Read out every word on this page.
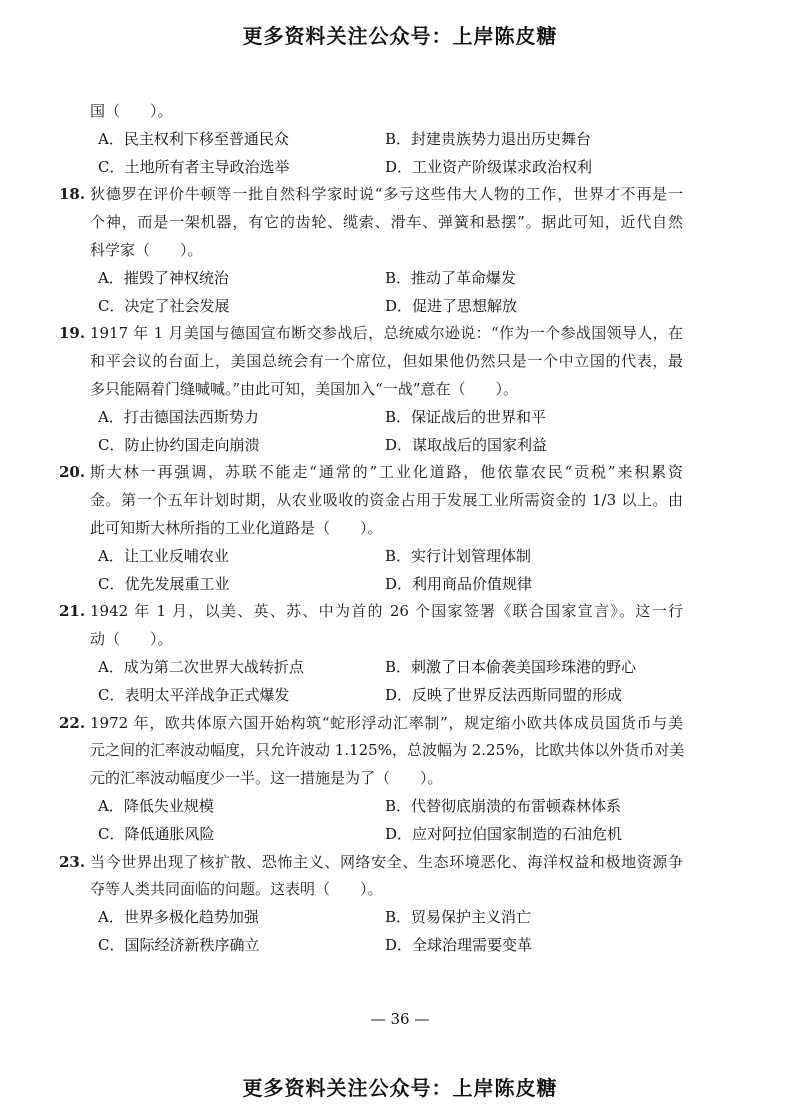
更多资料关注公众号：上岸陈皮糖
国（　　）。
A．民主权利下移至普通民众	B．封建贵族势力退出历史舞台
C．土地所有者主导政治选举	D．工业资产阶级谋求政治权利
18. 狄德罗在评价牛顿等一批自然科学家时说“多亏这些伟大人物的工作，世界才不再是一
个神，而是一架机器，有它的齿轮、缆索、滑车、弹簧和悬摆”。据此可知，近代自然
科学家（　　）。
A．摧毁了神权统治	B．推动了革命爆发
C．决定了社会发展	D．促进了思想解放
19. 1917 年 1 月美国与德国宣布断交参战后，总统威尔逊说：“作为一个参战国领导人，在
和平会议的台面上，美国总统会有一个席位，但如果他仍然只是一个中立国的代表，最
多只能隔着门缝喊喊。”由此可知，美国加入“一战”意在（　　）。
A．打击德国法西斯势力	B．保证战后的世界和平
C．防止协约国走向崩溃	D．谋取战后的国家利益
20. 斯大林一再强调，苏联不能走“通常的”工业化道路，他依靠农民“贡税”来积累资
金。第一个五年计划时期，从农业吸收的资金占用于发展工业所需资金的 1/3 以上。由
此可知斯大林所指的工业化道路是（　　）。
A．让工业反哺农业	B．实行计划管理体制
C．优先发展重工业	D．利用商品价值规律
21. 1942 年 1 月，以美、英、苏、中为首的 26 个国家签署《联合国家宣言》。这一行
动（　　）。
A．成为第二次世界大战转折点	B．刺激了日本偷袭美国珍珠港的野心
C．表明太平洋战争正式爆发	D．反映了世界反法西斯同盟的形成
22. 1972 年，欧共体原六国开始构筑“蛇形浮动汇率制”，规定缩小欧共体成员国货币与美
元之间的汇率波动幅度，只允许波动 1.125%，总波幅为 2.25%，比欧共体以外货币对美
元的汇率波动幅度少一半。这一措施是为了（　　）。
A．降低失业规模	B．代替彻底崩溃的布雷顿森林体系
C．降低通胀风险	D．应对阿拉伯国家制造的石油危机
23. 当今世界出现了核扩散、恐怖主义、网络安全、生态环境恶化、海洋权益和极地资源争
夺等人类共同面临的问题。这表明（　　）。
A．世界多极化趋势加强	B．贸易保护主义消亡
C．国际经济新秩序确立	D．全球治理需要变革
— 36 —
更多资料关注公众号：上岸陈皮糖
